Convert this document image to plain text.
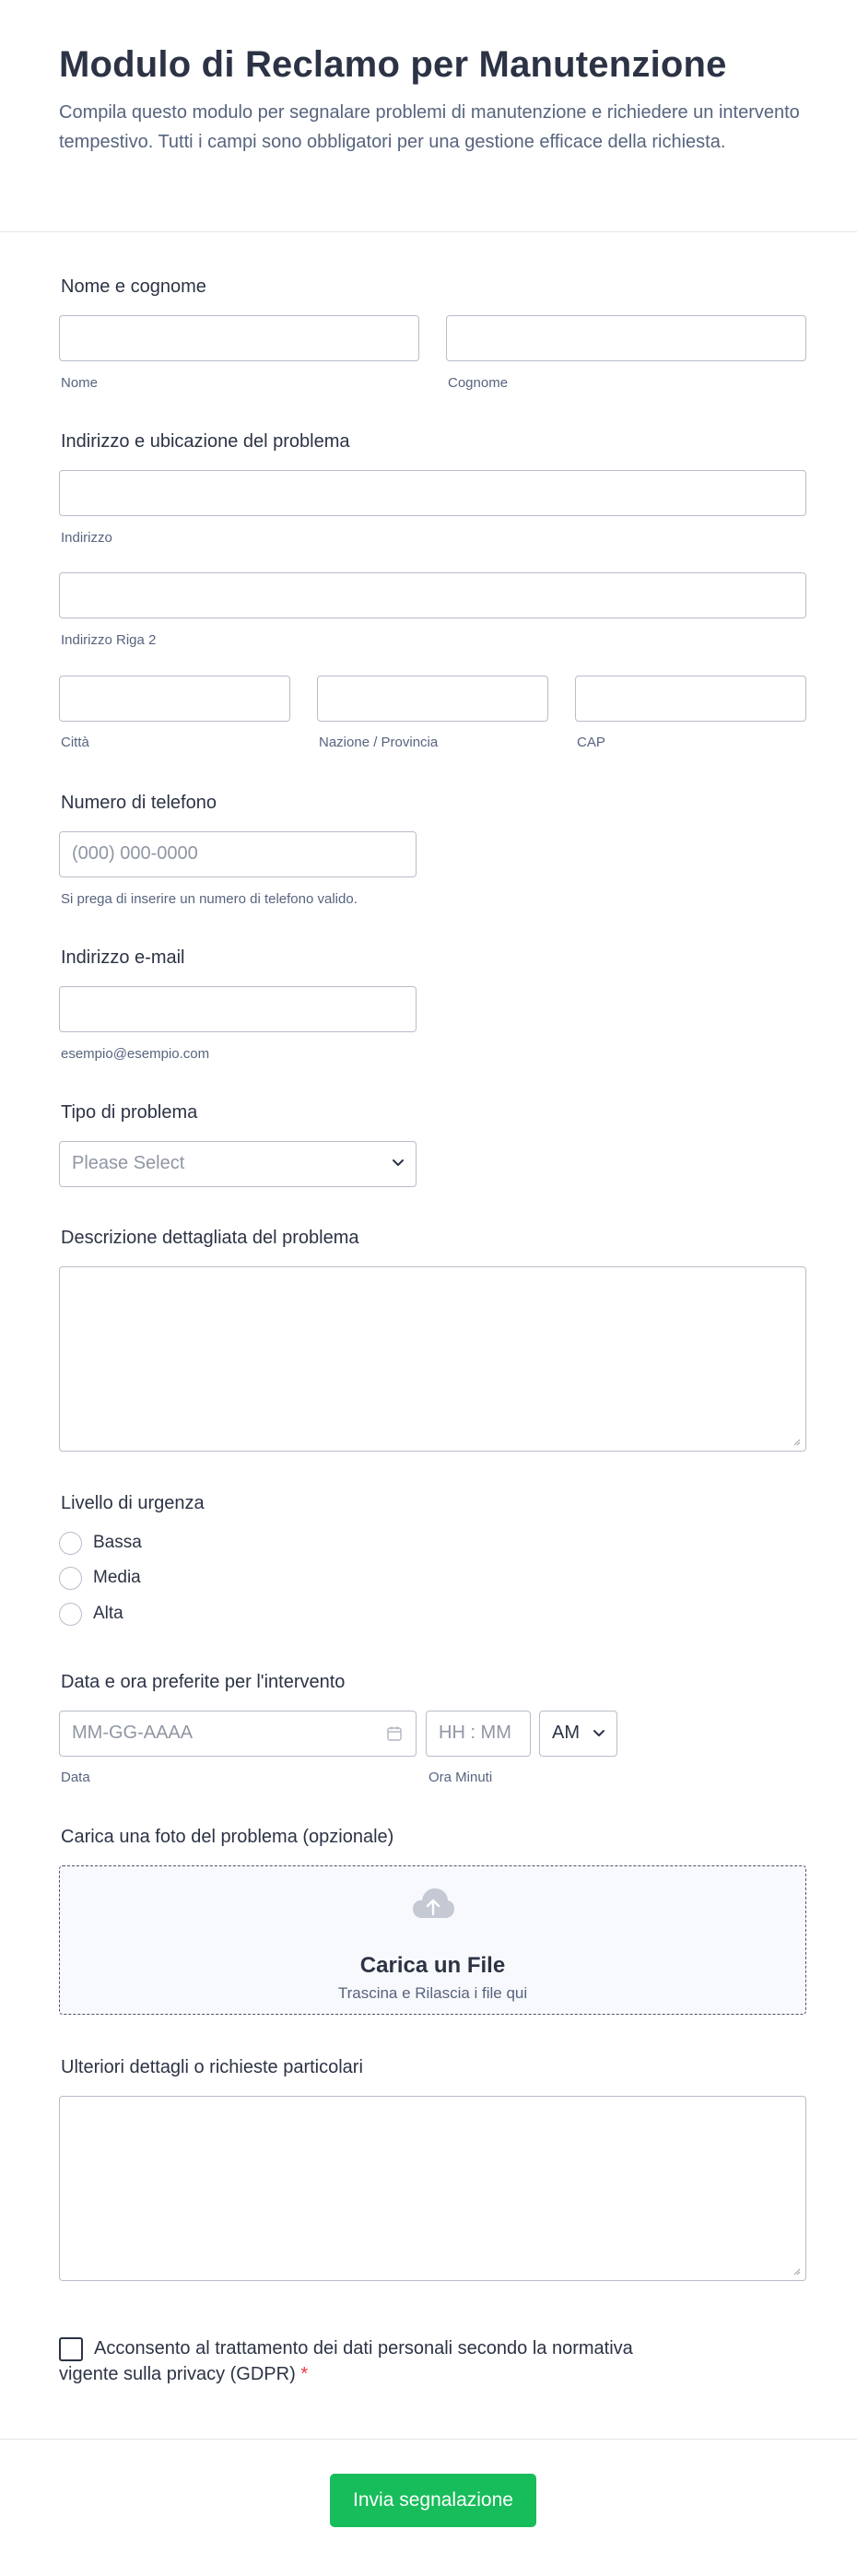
Modulo di Reclamo per Manutenzione
Compila questo modulo per segnalare problemi di manutenzione e richiedere un intervento tempestivo. Tutti i campi sono obbligatori per una gestione efficace della richiesta.
Nome e cognome
Nome	Cognome
Indirizzo e ubicazione del problema
Indirizzo
Indirizzo Riga 2
Città	Nazione / Provincia	CAP
Numero di telefono
(000) 000-0000
Si prega di inserire un numero di telefono valido.
Indirizzo e-mail
esempio@esempio.com
Tipo di problema
Please Select
Descrizione dettagliata del problema
Livello di urgenza
Bassa
Media
Alta
Data e ora preferite per l'intervento
MM-GG-AAAA	HH : MM AM
Data	Ora Minuti
Carica una foto del problema (opzionale)
Carica un File
Trascina e Rilascia i file qui
Ulteriori dettagli o richieste particolari
Acconsento al trattamento dei dati personali secondo la normativa vigente sulla privacy (GDPR) *
Invia segnalazione
